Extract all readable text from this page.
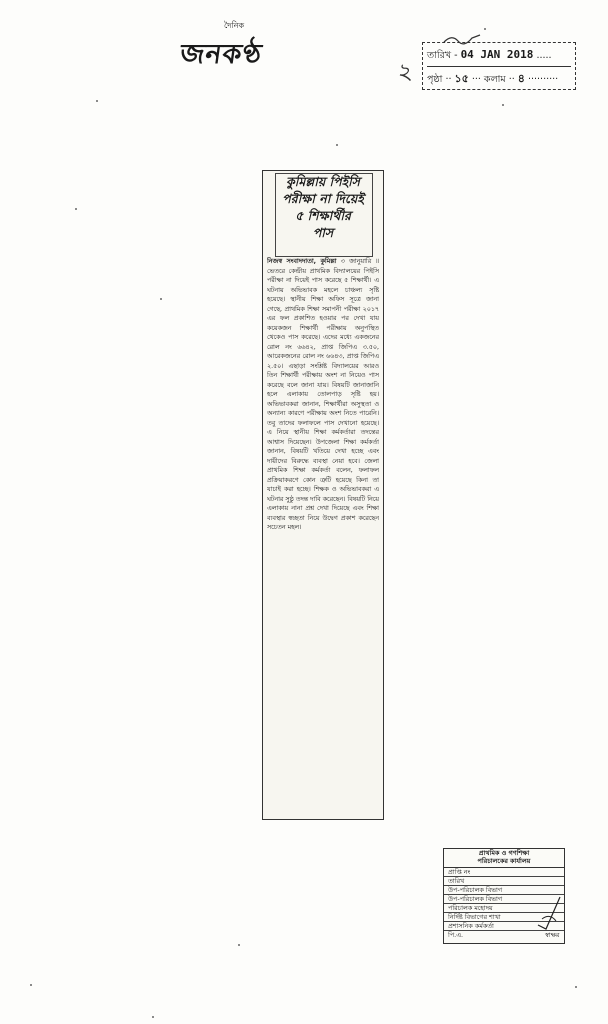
দৈনিক
জনকণ্ঠ
২
তারিখ - 04 JAN 2018 .....
পৃষ্ঠা ·· ১৫ ··· কলাম ·· ৪ ··········
কুমিল্লায় পিইসি
পরীক্ষা না দিয়েই
৫ শিক্ষার্থীর
পাস
নিজস্ব সংবাদদাতা, কুমিল্লা ৩ জানুয়ারি ॥ ভেতরে কেন্দ্রীয় প্রাথমিক বিদ্যালয়ের পিইসি পরীক্ষা না দিয়েই পাস করেছে ৫ শিক্ষার্থী। এ ঘটনায় অভিভাবক মহলে চাঞ্চল্য সৃষ্টি হয়েছে। স্থানীয় শিক্ষা অফিস সূত্রে জানা গেছে, প্রাথমিক শিক্ষা সমাপনী পরীক্ষা ২০১৭ এর ফল প্রকাশিত হওয়ার পর দেখা যায় কয়েকজন শিক্ষার্থী পরীক্ষায় অনুপস্থিত থেকেও পাস করেছে। এদের মধ্যে একজনের রোল নং ৬৬৪২, প্রাপ্ত জিপিএ ৩.৫০, আরেকজনের রোল নং ৬৬৪৩, প্রাপ্ত জিপিএ ২.৫০। এছাড়া সংশ্লিষ্ট বিদ্যালয়ের আরও তিন শিক্ষার্থী পরীক্ষায় অংশ না নিয়েও পাস করেছে বলে জানা যায়। বিষয়টি জানাজানি হলে এলাকায় তোলপাড় সৃষ্টি হয়। অভিভাবকরা জানান, শিক্ষার্থীরা অসুস্থতা ও অন্যান্য কারণে পরীক্ষায় অংশ নিতে পারেনি। তবু তাদের ফলাফলে পাস দেখানো হয়েছে। এ নিয়ে স্থানীয় শিক্ষা কর্মকর্তারা তদন্তের আশ্বাস দিয়েছেন। উপজেলা শিক্ষা কর্মকর্তা জানান, বিষয়টি খতিয়ে দেখা হচ্ছে এবং দায়ীদের বিরুদ্ধে ব্যবস্থা নেয়া হবে। জেলা প্রাথমিক শিক্ষা কর্মকর্তা বলেন, ফলাফল প্রক্রিয়াকরণে কোন ত্রুটি হয়েছে কিনা তা যাচাই করা হচ্ছে। শিক্ষক ও অভিভাবকরা এ ঘটনার সুষ্ঠু তদন্ত দাবি করেছেন। বিষয়টি নিয়ে এলাকায় নানা প্রশ্ন দেখা দিয়েছে এবং শিক্ষা ব্যবস্থার স্বচ্ছতা নিয়ে উদ্বেগ প্রকাশ করেছেন সচেতন মহল।
প্রাথমিক ও গণশিক্ষা
পরিচালকের কার্যালয়
প্রাপ্তি নং
তারিখ
উপ-পরিচালক বিভাগ
উপ-পরিচালক বিভাগ
পরিচালক মহোদয়
নির্দিষ্ট বিভাগের শাখা
প্রশাসনিক কর্মকর্তা
পি.এ.	স্বাক্ষর
